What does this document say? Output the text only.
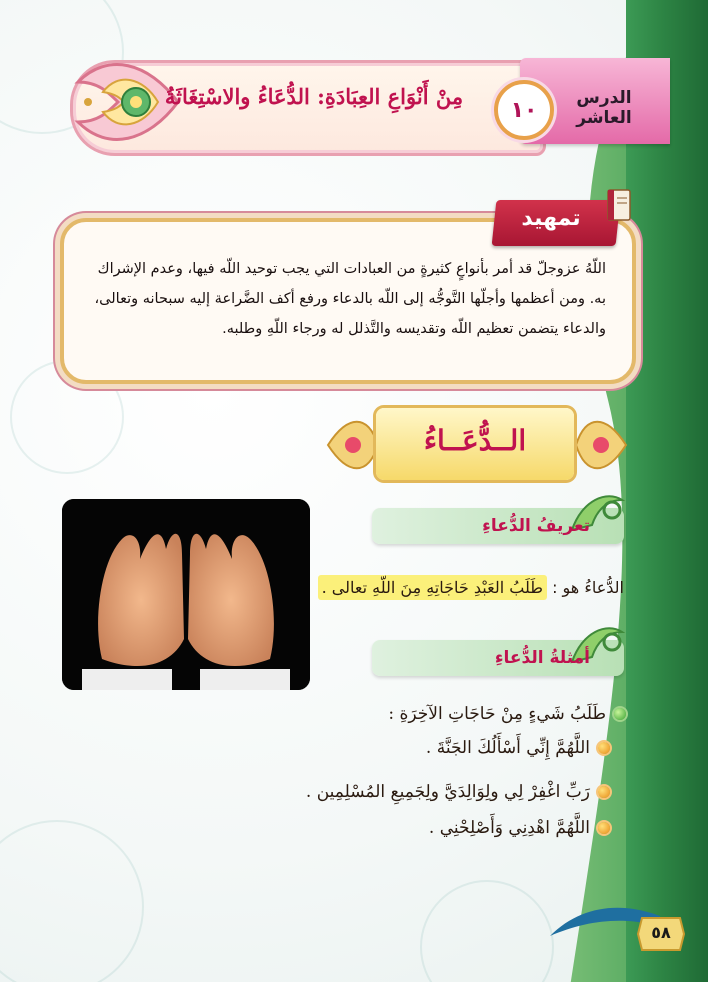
الدرس العاشر
١٠
مِنْ أَنْوَاعِ العِبَادَةِ: الدُّعَاءُ والاسْتِغَاثَةُ
تمهيد

اللّهُ عزوجلّ قد أمر بأنواعٍ كثيرةٍ من العبادات التي يجب توحيد اللّه فيها، وعدم الإشراك

به. ومن أعظمها وأجلّها التَّوجُّه إلى اللّه بالدعاء ورفع أكف الضَّراعة إليه سبحانه وتعالى،

والدعاء يتضمن تعظيم اللّه وتقديسه والتَّذلل له ورجاء اللّهِ وطلبه.

الــدُّعَــاءُ
تعريفُ الدُّعاءِ
الدُّعاءُ هو : طَلَبُ العَبْدِ حَاجَاتِهِ مِنَ اللّهِ تعالى .
أمثلةُ الدُّعاءِ
طَلَبُ شَيءٍ مِنْ حَاجَاتِ الآخِرَةِ :
اللَّهُمَّ إِنِّي أَسْأَلُكَ الجَنَّةَ .
رَبِّ اغْفِرْ لِي ولِوَالِدَيَّ ولِجَمِيعِ المُسْلِمِين .
اللَّهُمَّ اهْدِنِي وَأَصْلِحْنِي .
٥٨
